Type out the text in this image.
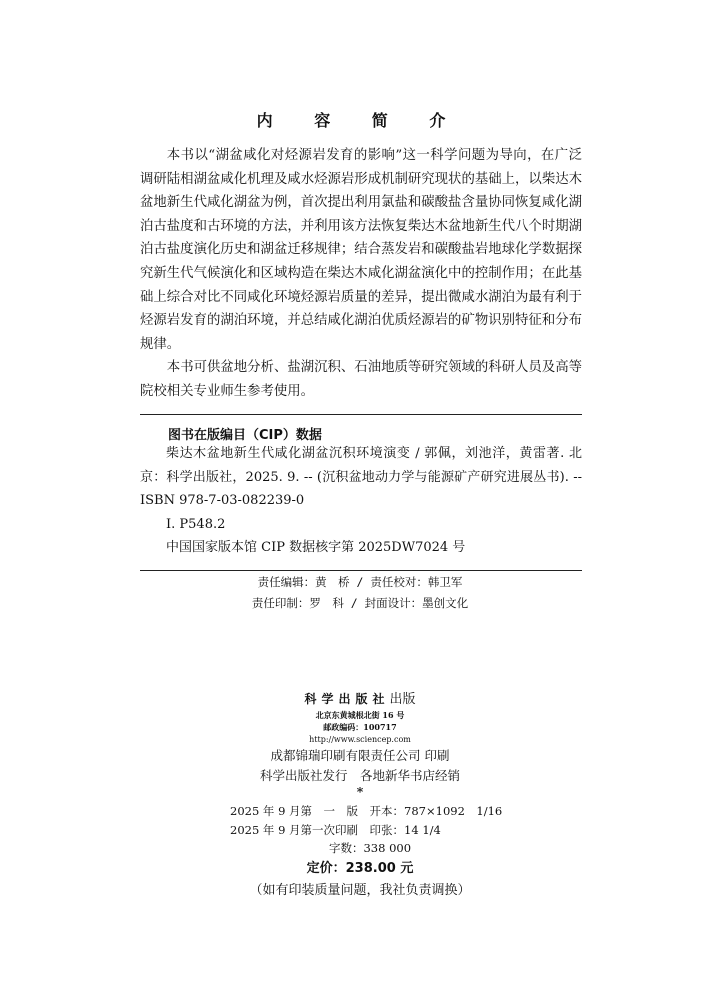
内 容 简 介

本书以“湖盆咸化对烃源岩发育的影响”这一科学问题为导向，在广泛调研陆相湖盆咸化机理及咸水烃源岩形成机制研究现状的基础上，以柴达木盆地新生代咸化湖盆为例，首次提出利用氯盐和碳酸盐含量协同恢复咸化湖泊古盐度和古环境的方法，并利用该方法恢复柴达木盆地新生代八个时期湖泊古盐度演化历史和湖盆迁移规律；结合蒸发岩和碳酸盐岩地球化学数据探究新生代气候演化和区域构造在柴达木咸化湖盆演化中的控制作用；在此基础上综合对比不同咸化环境烃源岩质量的差异，提出微咸水湖泊为最有利于烃源岩发育的湖泊环境，并总结咸化湖泊优质烃源岩的矿物识别特征和分布规律。

本书可供盆地分析、盐湖沉积、石油地质等研究领域的科研人员及高等院校相关专业师生参考使用。

图书在版编目（CIP）数据

柴达木盆地新生代咸化湖盆沉积环境演变 / 郭佩，刘池洋，黄雷著. 北京：科学出版社，2025. 9. -- (沉积盆地动力学与能源矿产研究进展丛书). -- ISBN 978-7-03-082239-0

Ⅰ. P548.2

中国国家版本馆 CIP 数据核字第 2025DW7024 号

责任编辑：黄　桥 / 责任校对：韩卫军
责任印制：罗　科 / 封面设计：墨创文化
科学出版社出版
北京东黄城根北街 16 号
邮政编码：100717
http://www.sciencep.com
成都锦瑞印刷有限责任公司 印刷
科学出版社发行　各地新华书店经销
*
2025 年 9 月第　一　版　开本：787×1092　1/16
2025 年 9 月第一次印刷　印张：14 1/4
字数：338 000
定价：238.00 元
（如有印装质量问题，我社负责调换）
